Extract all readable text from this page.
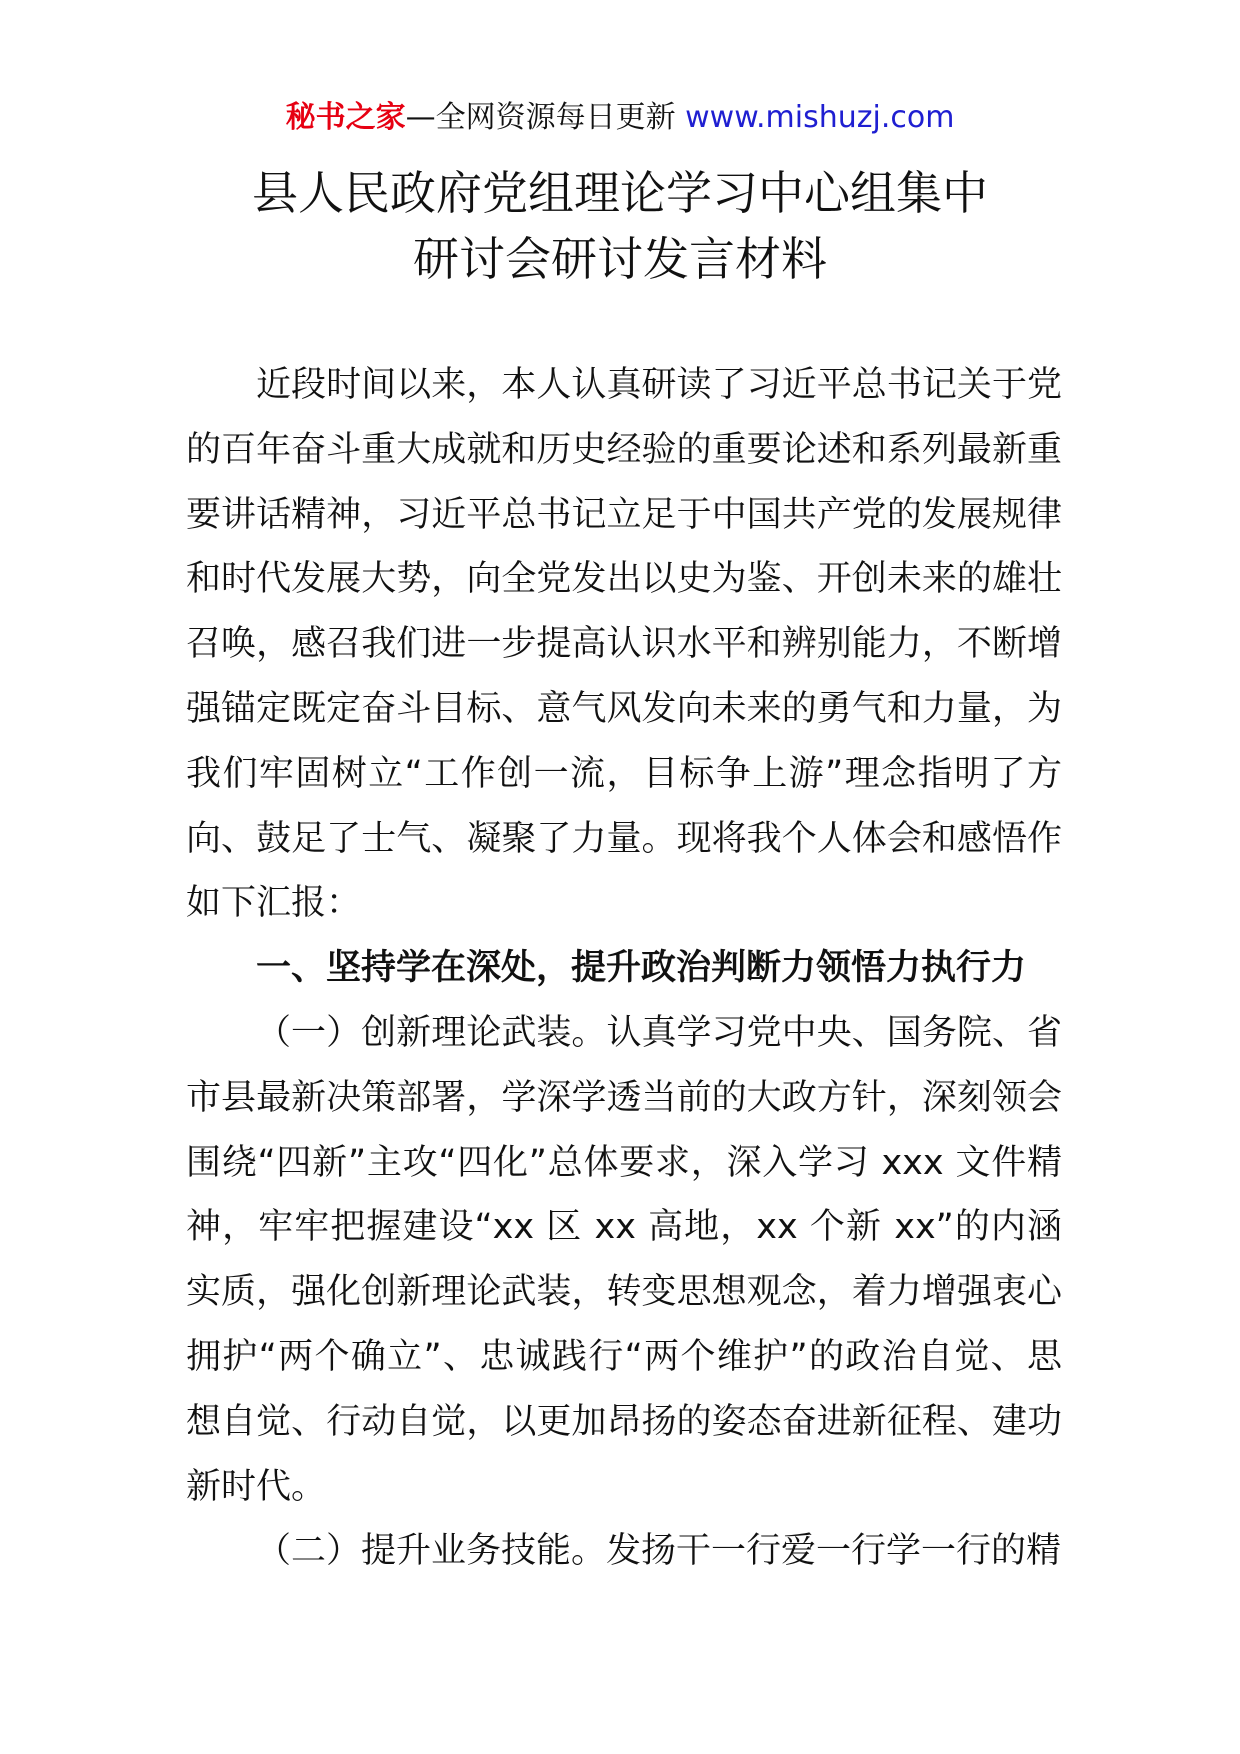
秘书之家—全网资源每日更新 www.mishuzj.com
县人民政府党组理论学习中心组集中
研讨会研讨发言材料

近段时间以来，本人认真研读了习近平总书记关于党的百年奋斗重大成就和历史经验的重要论述和系列最新重要讲话精神，习近平总书记立足于中国共产党的发展规律和时代发展大势，向全党发出以史为鉴、开创未来的雄壮召唤，感召我们进一步提高认识水平和辨别能力，不断增强锚定既定奋斗目标、意气风发向未来的勇气和力量，为我们牢固树立“工作创一流，目标争上游”理念指明了方向、鼓足了士气、凝聚了力量。现将我个人体会和感悟作如下汇报：

一、坚持学在深处，提升政治判断力领悟力执行力

（一）创新理论武装。认真学习党中央、国务院、省市县最新决策部署，学深学透当前的大政方针，深刻领会围绕“四新”主攻“四化”总体要求，深入学习 xxx 文件精神，牢牢把握建设“xx 区 xx 高地，xx 个新 xx”的内涵实质，强化创新理论武装，转变思想观念，着力增强衷心拥护“两个确立”、忠诚践行“两个维护”的政治自觉、思想自觉、行动自觉，以更加昂扬的姿态奋进新征程、建功新时代。

（二）提升业务技能。发扬干一行爱一行学一行的精
